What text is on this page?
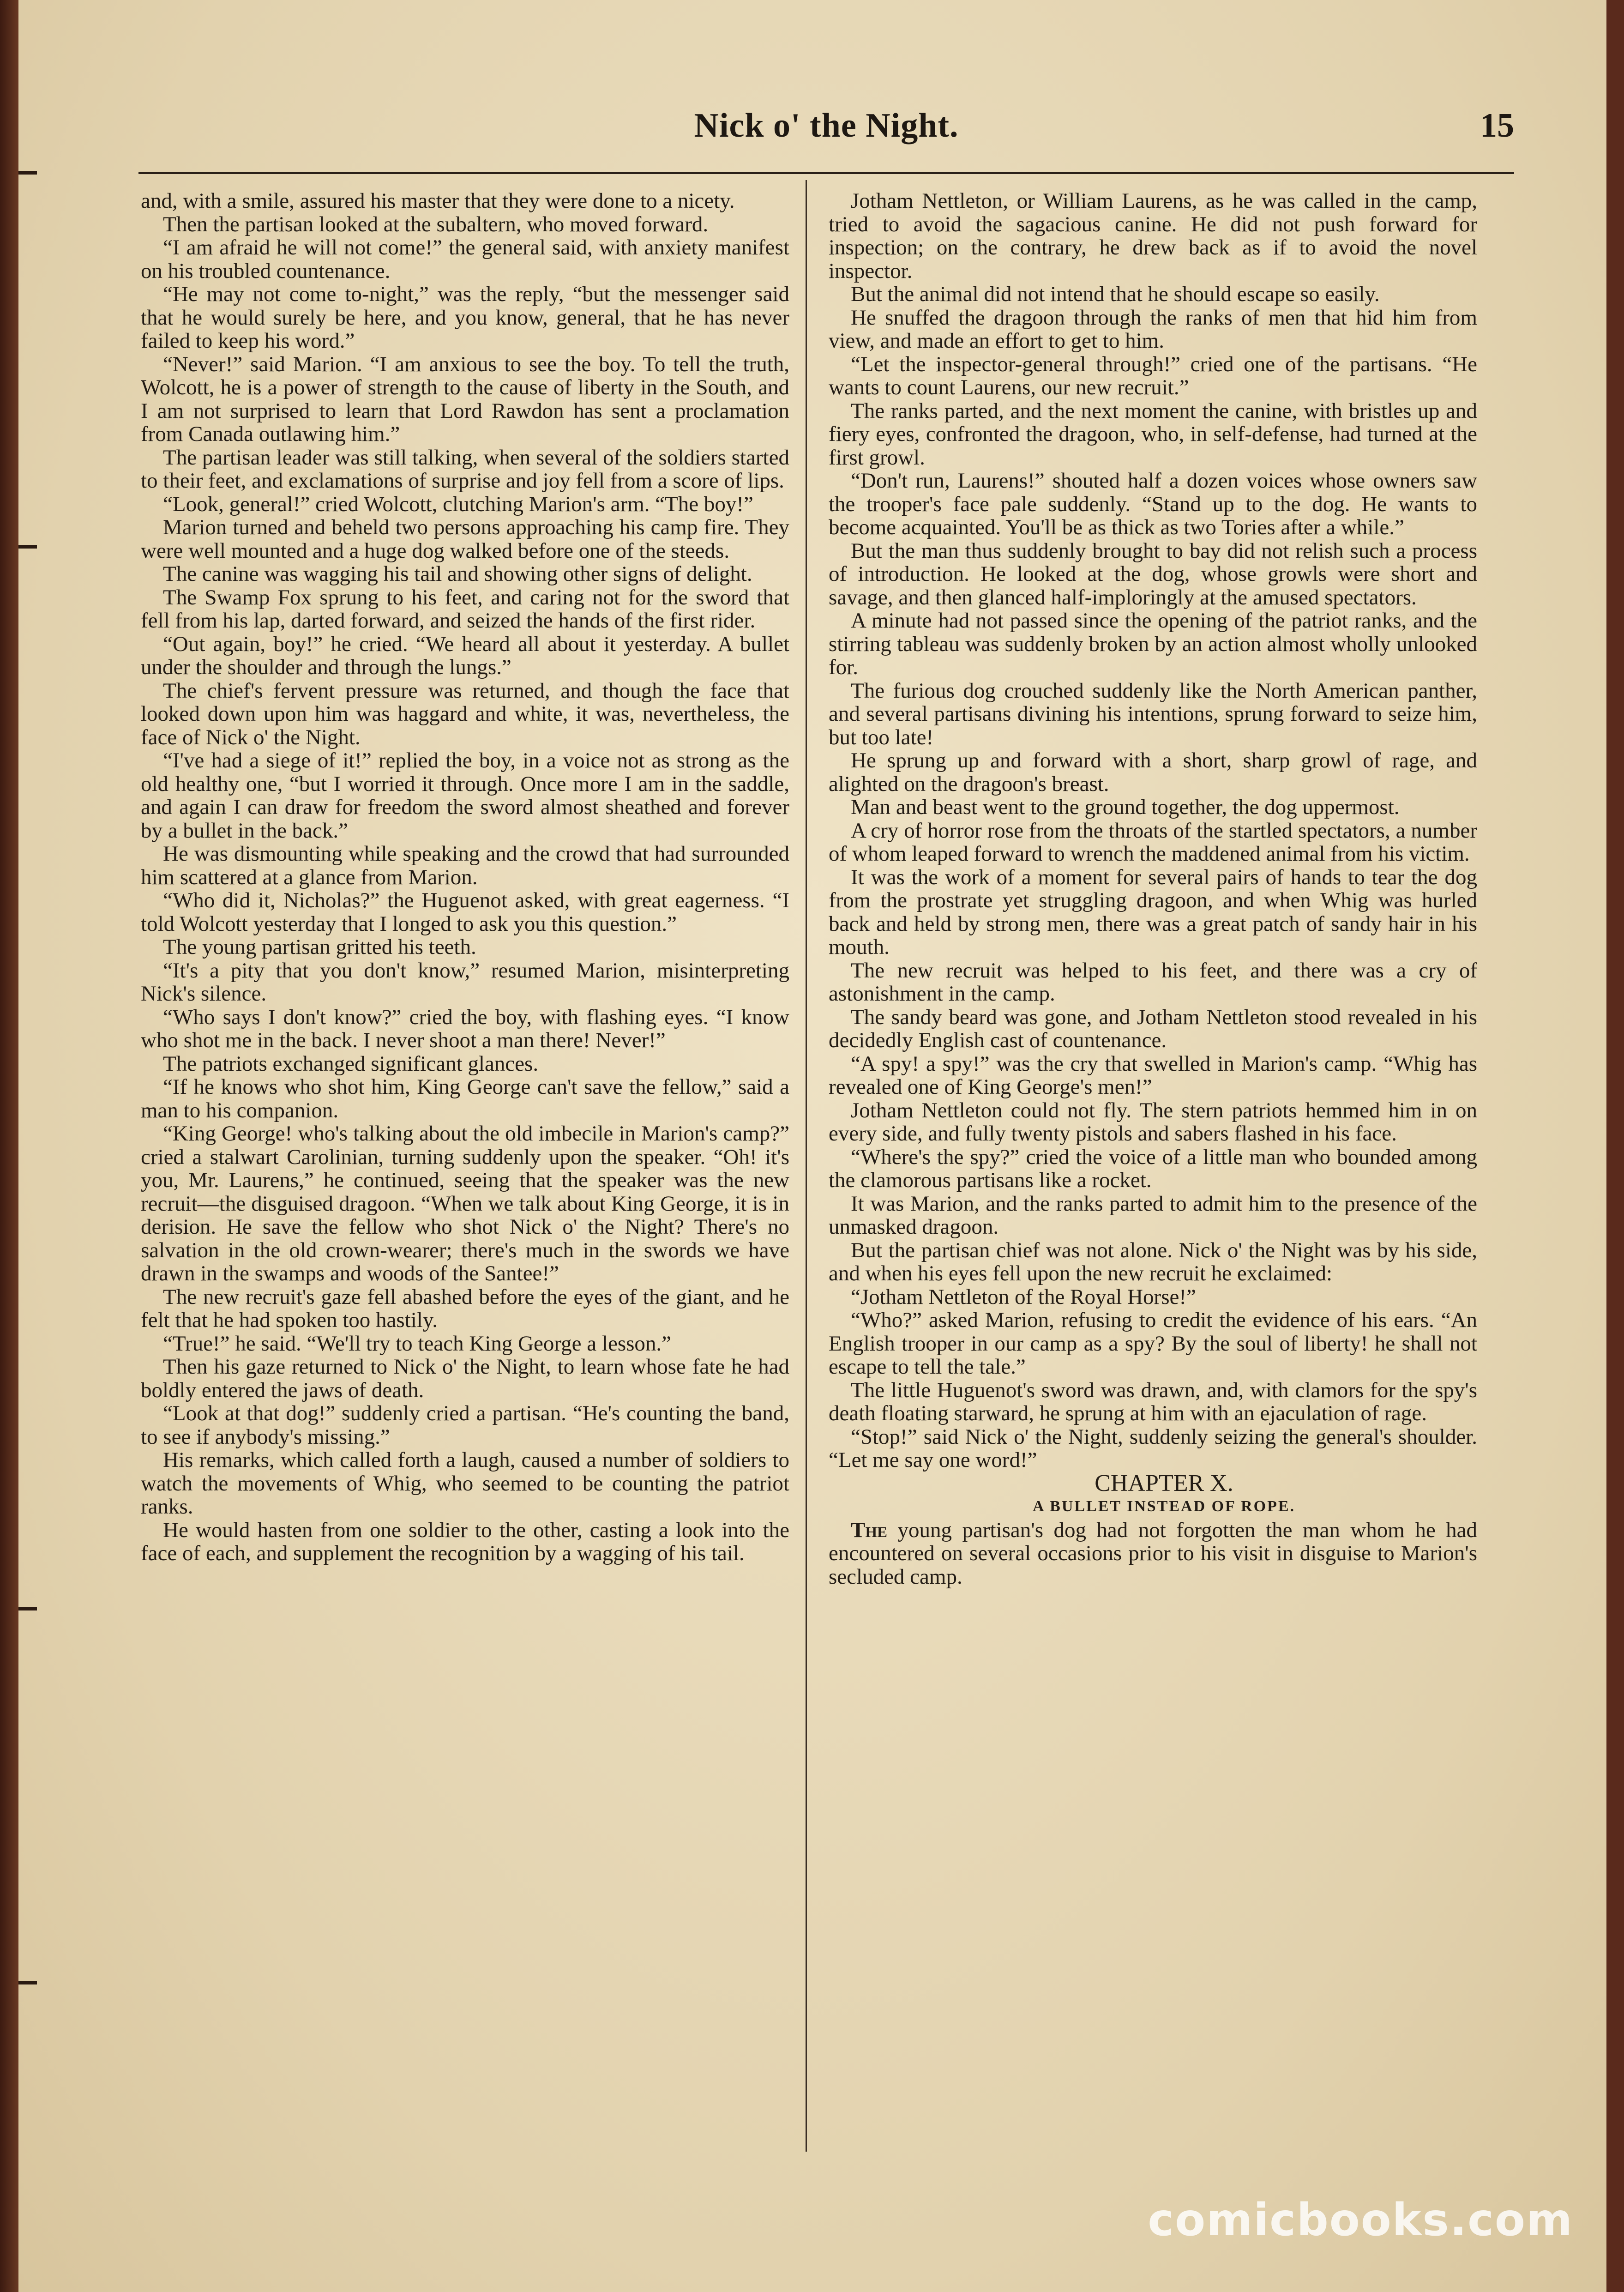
Nick o' the Night.	15

and, with a smile, assured his master that they were done to a nicety.

Then the partisan looked at the subaltern, who moved forward.

“I am afraid he will not come!” the general said, with anxiety manifest on his troubled countenance.

“He may not come to-night,” was the reply, “but the messenger said that he would surely be here, and you know, general, that he has never failed to keep his word.”

“Never!” said Marion. “I am anxious to see the boy. To tell the truth, Wolcott, he is a power of strength to the cause of liberty in the South, and I am not surprised to learn that Lord Rawdon has sent a proclamation from Canada outlawing him.”

The partisan leader was still talking, when several of the soldiers started to their feet, and exclamations of surprise and joy fell from a score of lips.

“Look, general!” cried Wolcott, clutching Marion's arm. “The boy!”

Marion turned and beheld two persons approaching his camp fire. They were well mounted and a huge dog walked before one of the steeds.

The canine was wagging his tail and showing other signs of delight.

The Swamp Fox sprung to his feet, and caring not for the sword that fell from his lap, darted forward, and seized the hands of the first rider.

“Out again, boy!” he cried. “We heard all about it yesterday. A bullet under the shoulder and through the lungs.”

The chief's fervent pressure was returned, and though the face that looked down upon him was haggard and white, it was, nevertheless, the face of Nick o' the Night.

“I've had a siege of it!” replied the boy, in a voice not as strong as the old healthy one, “but I worried it through. Once more I am in the saddle, and again I can draw for freedom the sword almost sheathed and forever by a bullet in the back.”

He was dismounting while speaking and the crowd that had surrounded him scattered at a glance from Marion.

“Who did it, Nicholas?” the Huguenot asked, with great eagerness. “I told Wolcott yesterday that I longed to ask you this question.”

The young partisan gritted his teeth.

“It's a pity that you don't know,” resumed Marion, misinterpreting Nick's silence.

“Who says I don't know?” cried the boy, with flashing eyes. “I know who shot me in the back. I never shoot a man there! Never!”

The patriots exchanged significant glances.

“If he knows who shot him, King George can't save the fellow,” said a man to his companion.

“King George! who's talking about the old imbecile in Marion's camp?” cried a stalwart Carolinian, turning suddenly upon the speaker. “Oh! it's you, Mr. Laurens,” he continued, seeing that the speaker was the new recruit—the disguised dragoon. “When we talk about King George, it is in derision. He save the fellow who shot Nick o' the Night? There's no salvation in the old crown-wearer; there's much in the swords we have drawn in the swamps and woods of the Santee!”

The new recruit's gaze fell abashed before the eyes of the giant, and he felt that he had spoken too hastily.

“True!” he said. “We'll try to teach King George a lesson.”

Then his gaze returned to Nick o' the Night, to learn whose fate he had boldly entered the jaws of death.

“Look at that dog!” suddenly cried a partisan. “He's counting the band, to see if anybody's missing.”

His remarks, which called forth a laugh, caused a number of soldiers to watch the movements of Whig, who seemed to be counting the patriot ranks.

He would hasten from one soldier to the other, casting a look into the face of each, and supplement the recognition by a wagging of his tail.

Jotham Nettleton, or William Laurens, as he was called in the camp, tried to avoid the sagacious canine. He did not push forward for inspection; on the contrary, he drew back as if to avoid the novel inspector.

But the animal did not intend that he should escape so easily.

He snuffed the dragoon through the ranks of men that hid him from view, and made an effort to get to him.

“Let the inspector-general through!” cried one of the partisans. “He wants to count Laurens, our new recruit.”

The ranks parted, and the next moment the canine, with bristles up and fiery eyes, confronted the dragoon, who, in self-defense, had turned at the first growl.

“Don't run, Laurens!” shouted half a dozen voices whose owners saw the trooper's face pale suddenly. “Stand up to the dog. He wants to become acquainted. You'll be as thick as two Tories after a while.”

But the man thus suddenly brought to bay did not relish such a process of introduction. He looked at the dog, whose growls were short and savage, and then glanced half-imploringly at the amused spectators.

A minute had not passed since the opening of the patriot ranks, and the stirring tableau was suddenly broken by an action almost wholly unlooked for.

The furious dog crouched suddenly like the North American panther, and several partisans divining his intentions, sprung forward to seize him, but too late!

He sprung up and forward with a short, sharp growl of rage, and alighted on the dragoon's breast.

Man and beast went to the ground together, the dog uppermost.

A cry of horror rose from the throats of the startled spectators, a number of whom leaped forward to wrench the maddened animal from his victim.

It was the work of a moment for several pairs of hands to tear the dog from the prostrate yet struggling dragoon, and when Whig was hurled back and held by strong men, there was a great patch of sandy hair in his mouth.

The new recruit was helped to his feet, and there was a cry of astonishment in the camp.

The sandy beard was gone, and Jotham Nettleton stood revealed in his decidedly English cast of countenance.

“A spy! a spy!” was the cry that swelled in Marion's camp. “Whig has revealed one of King George's men!”

Jotham Nettleton could not fly. The stern patriots hemmed him in on every side, and fully twenty pistols and sabers flashed in his face.

“Where's the spy?” cried the voice of a little man who bounded among the clamorous partisans like a rocket.

It was Marion, and the ranks parted to admit him to the presence of the unmasked dragoon.

But the partisan chief was not alone. Nick o' the Night was by his side, and when his eyes fell upon the new recruit he exclaimed:

“Jotham Nettleton of the Royal Horse!”

“Who?” asked Marion, refusing to credit the evidence of his ears. “An English trooper in our camp as a spy? By the soul of liberty! he shall not escape to tell the tale.”

The little Huguenot's sword was drawn, and, with clamors for the spy's death floating starward, he sprung at him with an ejaculation of rage.

“Stop!” said Nick o' the Night, suddenly seizing the general's shoulder. “Let me say one word!”

CHAPTER X.

A BULLET INSTEAD OF ROPE.

The young partisan's dog had not forgotten the man whom he had encountered on several occasions prior to his visit in disguise to Marion's secluded camp.

comicbooks.com
